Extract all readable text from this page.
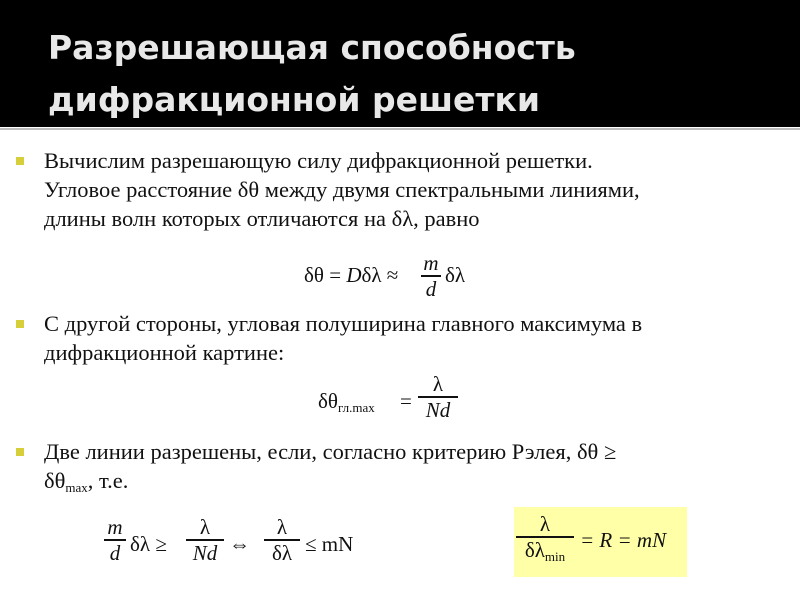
Разрешающая способность
дифракционной решетки
Вычислим разрешающую силу дифракционной решетки.
Угловое расстояние δθ между двумя спектральными линиями,
длины волн которых отличаются на δλ, равно
δθ = Dδλ ≈ m
d
δλ
С другой стороны, угловая полуширина главного максимума в
дифракционной картине:
$\delta\theta_{гл.max}$ =
λ
Nd
Две линии разрешены, если, согласно критерию Рэлея, δθ ≥
$\delta\theta_{max}$, т.е.
m
d δλ ≥
λ
Nd ⇔
λ
δλ ≤ mN
λ
$\delta\lambda_{min}$
= R = mN
